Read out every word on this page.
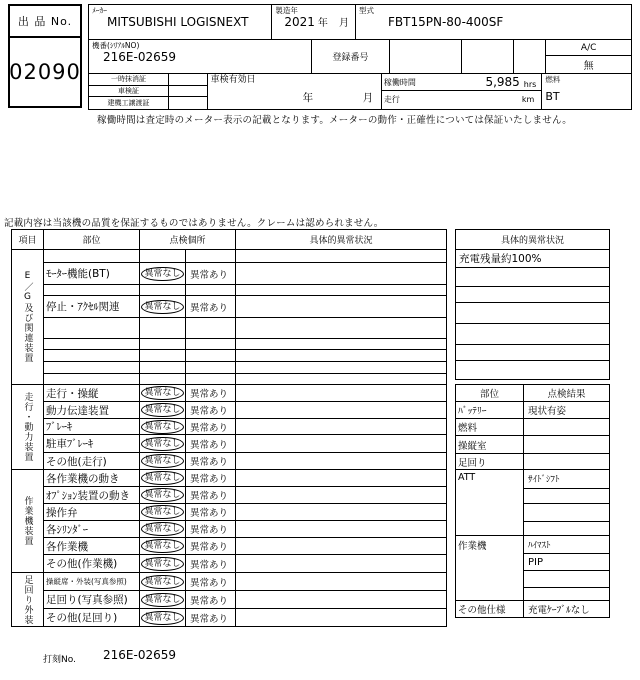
出 品 No.
02090
ﾒｰｶｰ
MITSUBISHI LOGISNEXT
製造年
2021 年 月
型式
FBT15PN-80-400SF
機番(ｼﾘｱﾙNO)
216E-02659	登録番号
A/C
無
一時抹消証
車検証
建機工譲渡証
車検有効日
年	月
稼働時間	5,985 hrs
走行	km
燃料
BT
稼働時間は査定時のメーター表示の記載となります。メーターの動作・正確性については保証いたしません。
記載内容は当該機の品質を保証するものではありません。クレームは認められません。
項目	部位	点検個所	具体的異常状況
E／G及び関連装置	ﾓｰﾀｰ機能(BT)	異常なし	異常あり
停止・ｱｸｾﾙ関連	異常なし	異常あり
走行・動力装置	走行・操縦	異常なし	異常あり
動力伝達装置	異常なし	異常あり
ﾌﾞﾚｰｷ	異常なし	異常あり
駐車ﾌﾞﾚｰｷ	異常なし	異常あり
その他(走行)	異常なし	異常あり
作業機装置
各作業機の動き	異常なし	異常あり
ｵﾌﾟｼｮﾝ装置の動き	異常なし	異常あり
操作弁	異常なし	異常あり
各ｼﾘﾝﾀﾞｰ	異常なし	異常あり
各作業機	異常なし	異常あり
その他(作業機)	異常なし	異常あり
足回り外装	操縦席・外装(写真参照)	異常なし	異常あり
足回り(写真参照)	異常なし	異常あり
その他(足回り)	異常なし	異常あり
具体的異常状況
充電残量約100%
部位	点検結果
ﾊﾞｯﾃﾘｰ	現状有姿
燃料
操縦室
足回り
ATT	ｻｲﾄﾞｼﾌﾄ
作業機	ﾊｲﾏｽﾄ
PIP
その他仕様	充電ｹｰﾌﾞﾙなし
打刻No. 216E-02659
